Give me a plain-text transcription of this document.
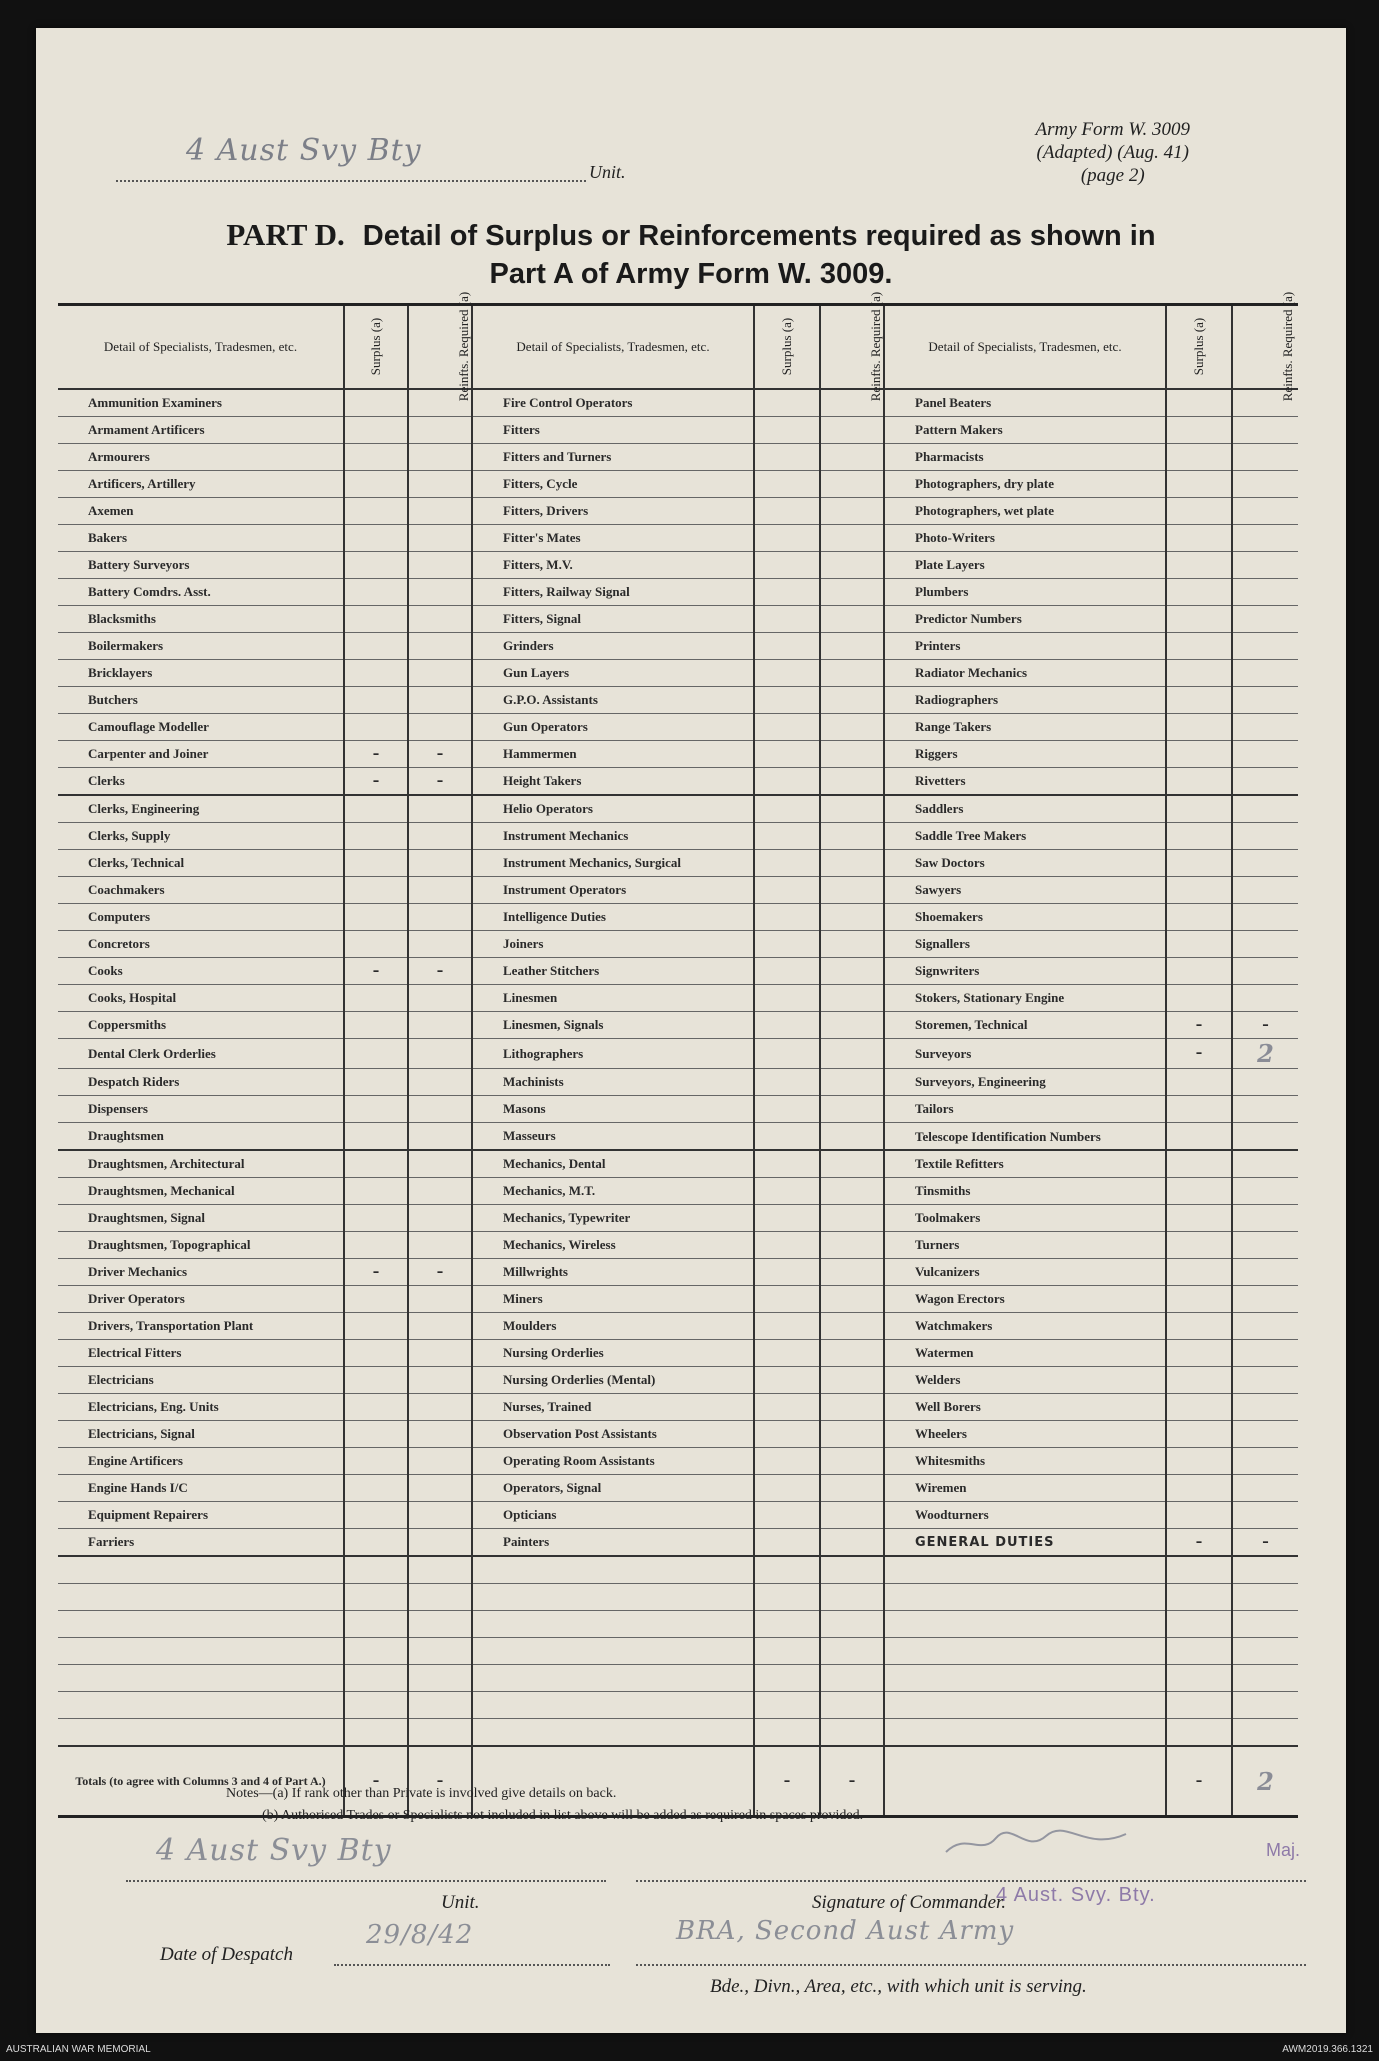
4 Aust Svy Bty
Unit.
Army Form W. 3009
(Adapted) (Aug. 41)
(page 2)
PART D. Detail of Surplus or Reinforcements required as shown in
Part A of Army Form W. 3009.
Detail of Specialists, Tradesmen, etc.	Surplus (a)	Reinfts. Required (a)	Detail of Specialists, Tradesmen, etc.	Surplus (a)	Reinfts. Required (a)	Detail of Specialists, Tradesmen, etc.	Surplus (a)	Reinfts. Required (a)
Ammunition Examiners			Fire Control Operators			Panel Beaters		
Armament Artificers			Fitters			Pattern Makers		
Armourers			Fitters and Turners			Pharmacists		
Artificers, Artillery			Fitters, Cycle			Photographers, dry plate		
Axemen			Fitters, Drivers			Photographers, wet plate		
Bakers			Fitter's Mates			Photo-Writers		
Battery Surveyors			Fitters, M.V.			Plate Layers		
Battery Comdrs. Asst.			Fitters, Railway Signal			Plumbers		
Blacksmiths			Fitters, Signal			Predictor Numbers		
Boilermakers			Grinders			Printers		
Bricklayers			Gun Layers			Radiator Mechanics		
Butchers			G.P.O. Assistants			Radiographers		
Camouflage Modeller			Gun Operators			Range Takers		
Carpenter and Joiner	–	–	Hammermen			Riggers		
Clerks	–	–	Height Takers			Rivetters		
Clerks, Engineering			Helio Operators			Saddlers		
Clerks, Supply			Instrument Mechanics			Saddle Tree Makers		
Clerks, Technical			Instrument Mechanics, Surgical			Saw Doctors		
Coachmakers			Instrument Operators			Sawyers		
Computers			Intelligence Duties			Shoemakers		
Concretors			Joiners			Signallers		
Cooks	–	–	Leather Stitchers			Signwriters		
Cooks, Hospital			Linesmen			Stokers, Stationary Engine		
Coppersmiths			Linesmen, Signals			Storemen, Technical	–	–
Dental Clerk Orderlies			Lithographers			Surveyors	–	2
Despatch Riders			Machinists			Surveyors, Engineering		
Dispensers			Masons			Tailors		
Draughtsmen			Masseurs			Telescope Identification Numbers		
Draughtsmen, Architectural			Mechanics, Dental			Textile Refitters		
Draughtsmen, Mechanical			Mechanics, M.T.			Tinsmiths		
Draughtsmen, Signal			Mechanics, Typewriter			Toolmakers		
Draughtsmen, Topographical			Mechanics, Wireless			Turners		
Driver Mechanics	–	–	Millwrights			Vulcanizers		
Driver Operators			Miners			Wagon Erectors		
Drivers, Transportation Plant			Moulders			Watchmakers		
Electrical Fitters			Nursing Orderlies			Watermen		
Electricians			Nursing Orderlies (Mental)			Welders		
Electricians, Eng. Units			Nurses, Trained			Well Borers		
Electricians, Signal			Observation Post Assistants			Wheelers		
Engine Artificers			Operating Room Assistants			Whitesmiths		
Engine Hands I/C			Operators, Signal			Wiremen		
Equipment Repairers			Opticians			Woodturners		
Farriers			Painters			GENERAL DUTIES	–	–

Totals (to agree with Columns 3 and 4 of Part A.)	–	–		–	–		–	2
Notes—(a) If rank other than Private is involved give details on back.
(b) Authorised Trades or Specialists not included in list above will be added as required in spaces provided.
4 Aust Svy Bty
Unit.
Maj.
4 Aust. Svy. Bty.
Signature of Commander.
Date of Despatch
29/8/42	BRA, Second Aust Army
Bde., Divn., Area, etc., with which unit is serving.
AUSTRALIAN WAR MEMORIAL	AWM2019.366.1321
